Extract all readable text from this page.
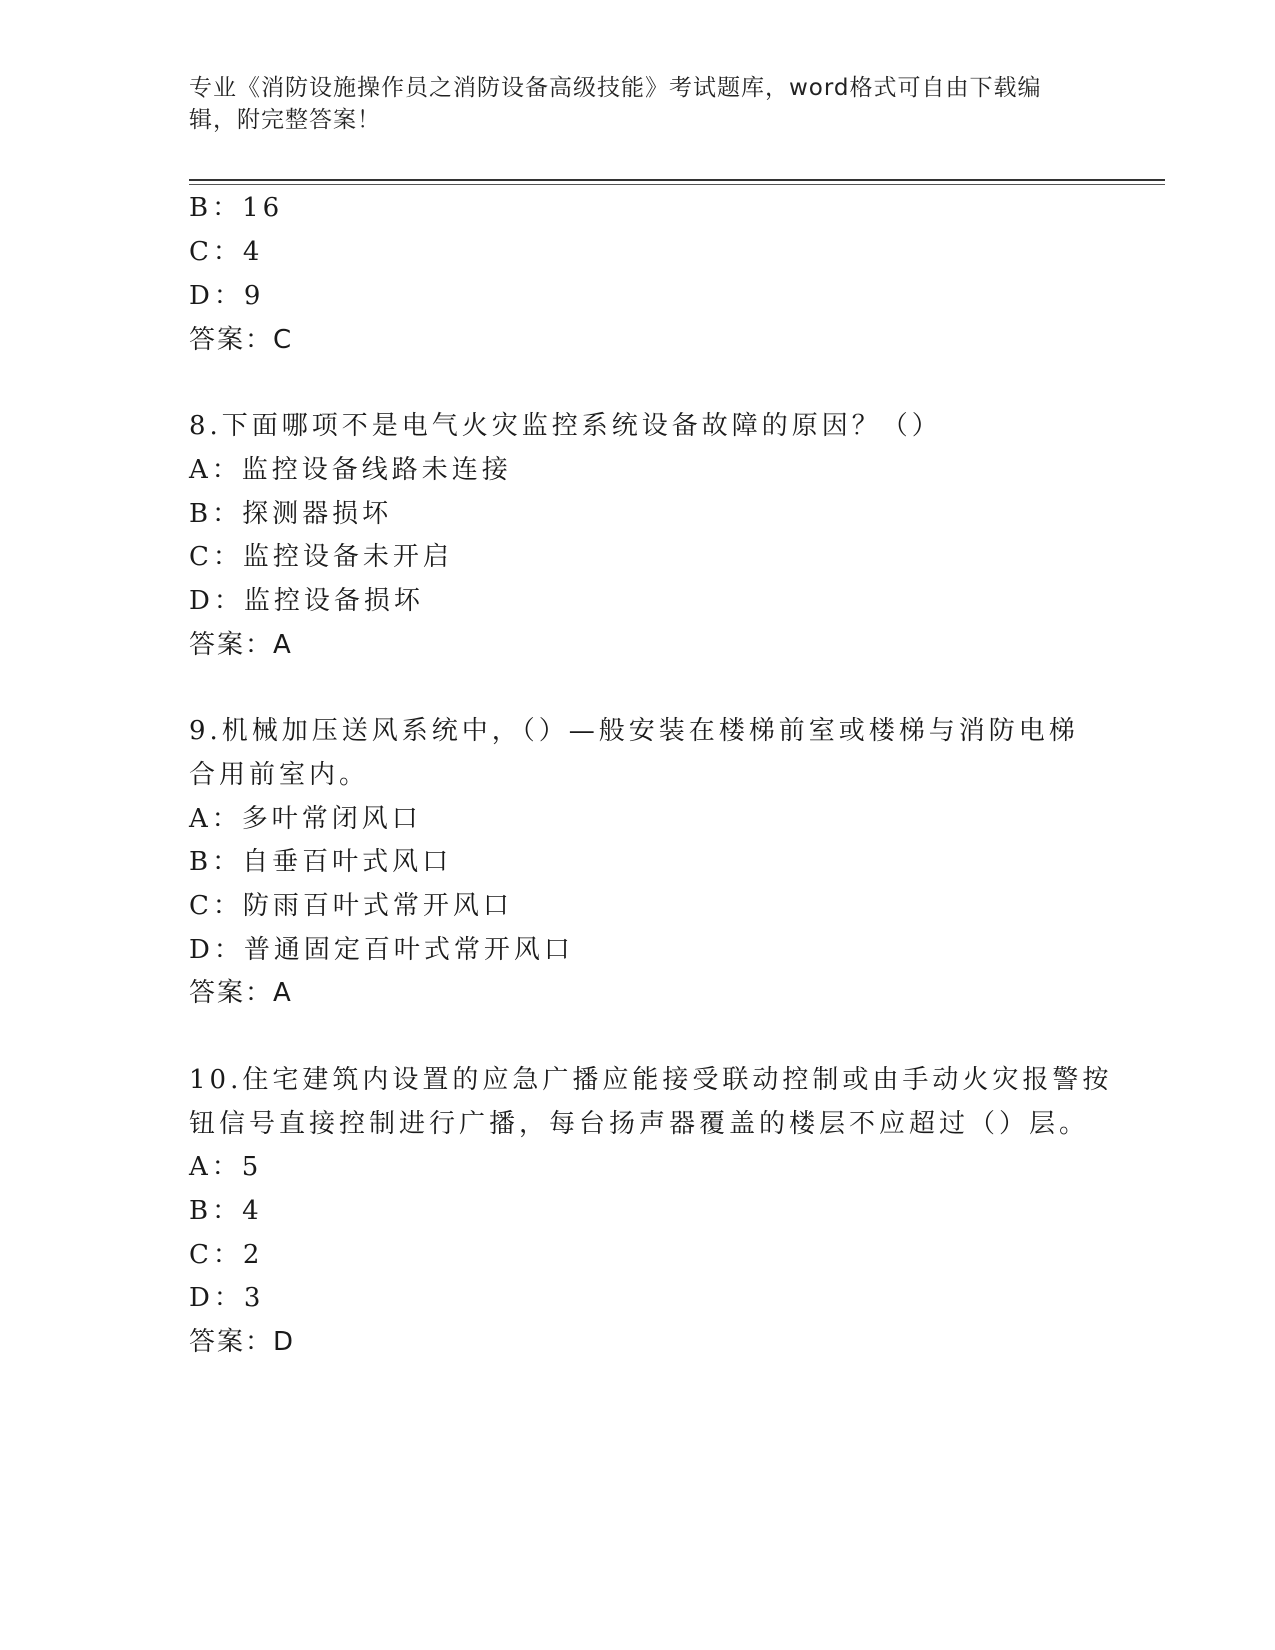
专业《消防设施操作员之消防设备高级技能》考试题库，word格式可自由下载编
辑，附完整答案！
B：16
C：4
D：9
答案：C
8.下面哪项不是电气火灾监控系统设备故障的原因？（）
A：监控设备线路未连接
B：探测器损坏
C：监控设备未开启
D：监控设备损坏
答案：A
9.机械加压送风系统中，（）—般安装在楼梯前室或楼梯与消防电梯
合用前室内。
A：多叶常闭风口
B：自垂百叶式风口
C：防雨百叶式常开风口
D：普通固定百叶式常开风口
答案：A
10.住宅建筑内设置的应急广播应能接受联动控制或由手动火灾报警按
钮信号直接控制进行广播，每台扬声器覆盖的楼层不应超过（）层。
A：5
B：4
C：2
D：3
答案：D
